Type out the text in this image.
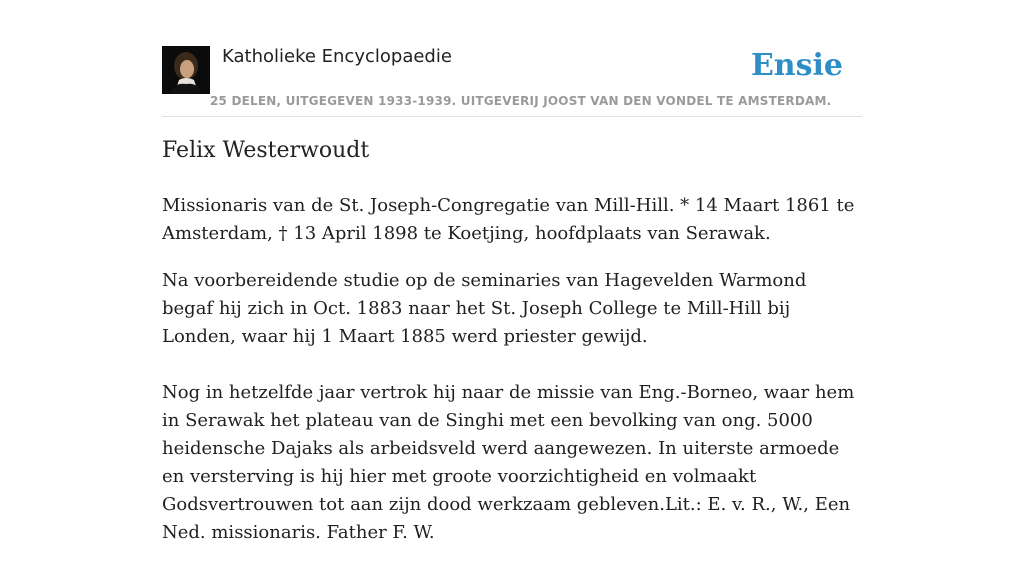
Katholieke Encyclopaedie
25 DELEN, UITGEGEVEN 1933-1939. UITGEVERIJ JOOST VAN DEN VONDEL TE AMSTERDAM.
Ensie
Felix Westerwoudt

Missionaris van de St. Joseph-Congregatie van Mill-Hill. * 14 Maart 1861 te Amsterdam, † 13 April 1898 te Koetjing, hoofdplaats van Serawak.

Na voorbereidende studie op de seminaries van Hagevelden Warmond begaf hij zich in Oct. 1883 naar het St. Joseph College te Mill-Hill bij Londen, waar hij 1 Maart 1885 werd priester gewijd.

Nog in hetzelfde jaar vertrok hij naar de missie van Eng.-Borneo, waar hem in Serawak het plateau van de Singhi met een bevolking van ong. 5000 heidensche Dajaks als arbeidsveld werd aangewezen. In uiterste armoede en versterving is hij hier met groote voorzichtigheid en volmaakt Godsvertrouwen tot aan zijn dood werkzaam gebleven.Lit.: E. v. R., W., Een Ned. missionaris. Father F. W.
